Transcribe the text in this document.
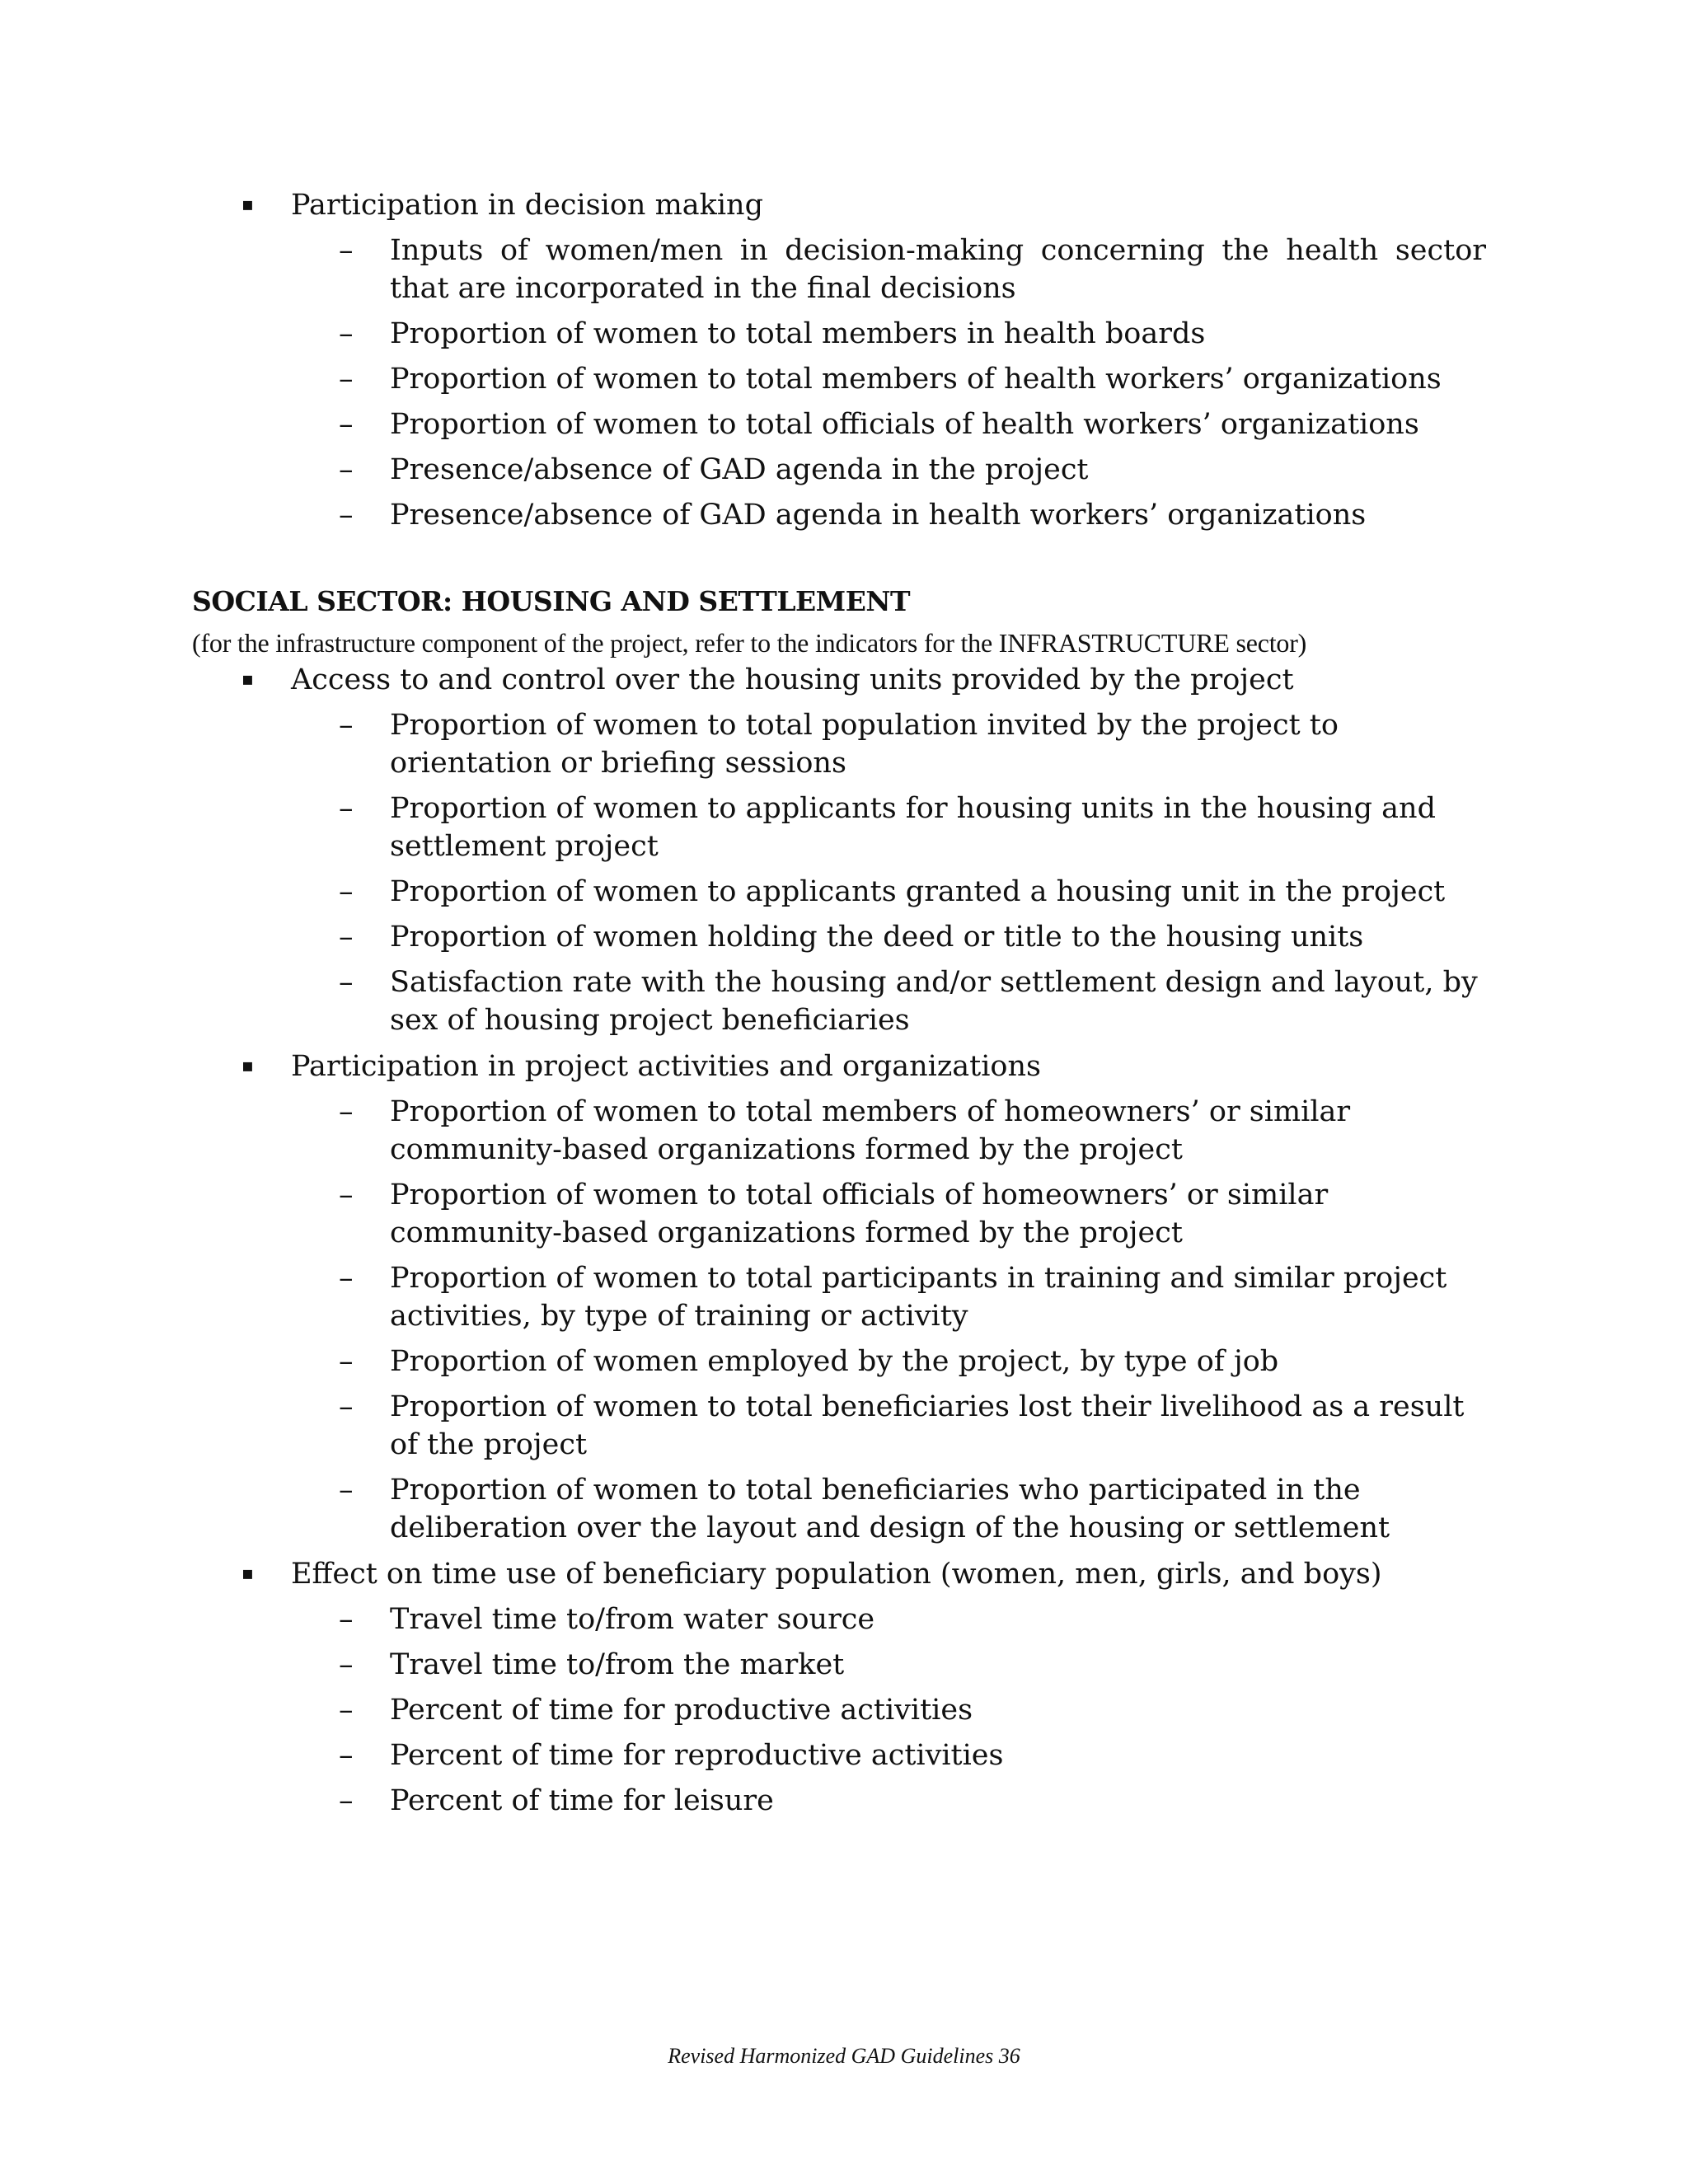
▪ Participation in decision making
– Inputs of women/men in decision-making concerning the health sector that are incorporated in the final decisions
– Proportion of women to total members in health boards
– Proportion of women to total members of health workers’ organizations
– Proportion of women to total officials of health workers’ organizations
– Presence/absence of GAD agenda in the project
– Presence/absence of GAD agenda in health workers’ organizations
SOCIAL SECTOR: HOUSING AND SETTLEMENT
(for the infrastructure component of the project, refer to the indicators for the INFRASTRUCTURE sector)
▪ Access to and control over the housing units provided by the project
– Proportion of women to total population invited by the project to orientation or briefing sessions
– Proportion of women to applicants for housing units in the housing and settlement project
– Proportion of women to applicants granted a housing unit in the project
– Proportion of women holding the deed or title to the housing units
– Satisfaction rate with the housing and/or settlement design and layout, by sex of housing project beneficiaries
▪ Participation in project activities and organizations
– Proportion of women to total members of homeowners’ or similar community-based organizations formed by the project
– Proportion of women to total officials of homeowners’ or similar community-based organizations formed by the project
– Proportion of women to total participants in training and similar project activities, by type of training or activity
– Proportion of women employed by the project, by type of job
– Proportion of women to total beneficiaries lost their livelihood as a result of the project
– Proportion of women to total beneficiaries who participated in the deliberation over the layout and design of the housing or settlement
▪ Effect on time use of beneficiary population (women, men, girls, and boys)
– Travel time to/from water source
– Travel time to/from the market
– Percent of time for productive activities
– Percent of time for reproductive activities
– Percent of time for leisure
Revised Harmonized GAD Guidelines 36
